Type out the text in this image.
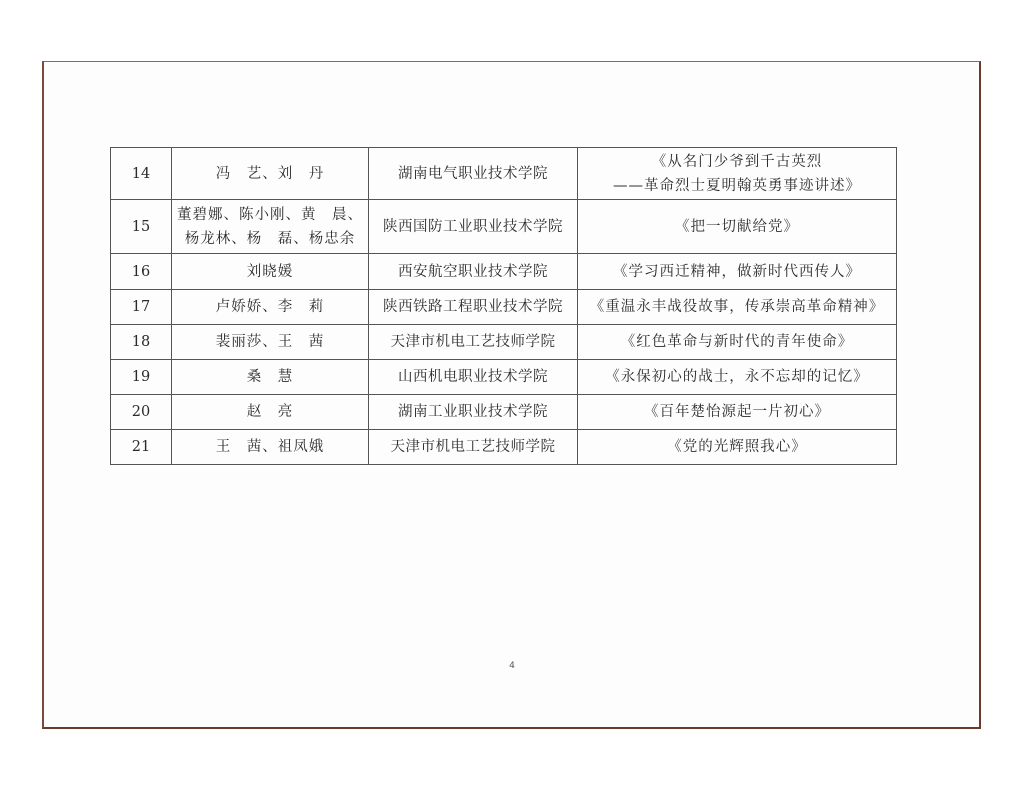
14	冯　艺、刘　丹	湖南电气职业技术学院	《从名门少爷到千古英烈
——革命烈士夏明翰英勇事迹讲述》

15	董碧娜、陈小刚、黄　晨、
杨龙林、杨　磊、杨忠余	陕西国防工业职业技术学院	《把一切献给党》

16	刘晓媛	西安航空职业技术学院	《学习西迁精神，做新时代西传人》

17	卢娇娇、李　莉	陕西铁路工程职业技术学院	《重温永丰战役故事，传承崇高革命精神》

18	裴丽莎、王　茜	天津市机电工艺技师学院	《红色革命与新时代的青年使命》

19	桑　慧	山西机电职业技术学院	《永保初心的战士，永不忘却的记忆》

20	赵　亮	湖南工业职业技术学院	《百年楚怡源起一片初心》

21	王　茜、祖凤娥	天津市机电工艺技师学院	《党的光辉照我心》
4
